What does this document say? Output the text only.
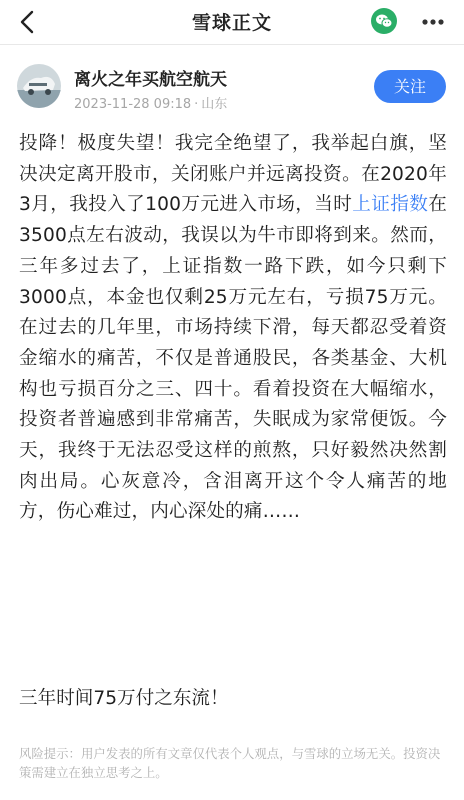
雪球正文
离火之年买航空航天
2023-11-28 09:18 · 山东
关注

投降！极度失望！我完全绝望了，我举起白旗，坚决决定离开股市，关闭账户并远离投资。在2020年3月，我投入了100万元进入市场，当时上证指数在3500点左右波动，我误以为牛市即将到来。然而，三年多过去了，上证指数一路下跌，如今只剩下3000点，本金也仅剩25万元左右，亏损75万元。在过去的几年里，市场持续下滑，每天都忍受着资金缩水的痛苦，不仅是普通股民，各类基金、大机构也亏损百分之三、四十。看着投资在大幅缩水，投资者普遍感到非常痛苦，失眠成为家常便饭。今天，我终于无法忍受这样的煎熬，只好毅然决然割肉出局。心灰意冷，含泪离开这个令人痛苦的地方，伤心难过，内心深处的痛……

三年时间75万付之东流！
风险提示：用户发表的所有文章仅代表个人观点，与雪球的立场无关。投资决策需建立在独立思考之上。
